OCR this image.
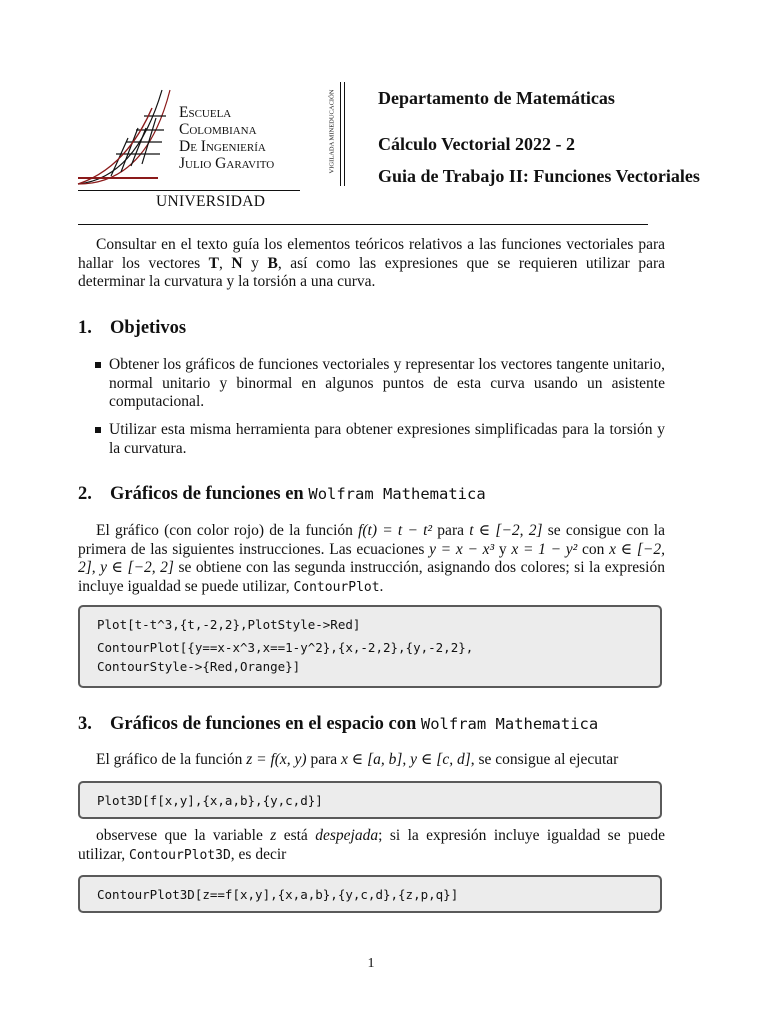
Escuela
Colombiana
De Ingeniería
Julio Garavito
UNIVERSIDAD
VIGILADA MINEDUCACIÓN Departamento de Matemáticas
Cálculo Vectorial 2022 - 2
Guia de Trabajo II: Funciones Vectoriales

Consultar en el texto guía los elementos teóricos relativos a las funciones vectoriales para hallar los vectores T, N y B, así como las expresiones que se requieren utilizar para determinar la curvatura y la torsión a una curva.

1. Objetivos
Obtener los gráficos de funciones vectoriales y representar los vectores tangente unitario, normal unitario y binormal en algunos puntos de esta curva usando un asistente computacional.
Utilizar esta misma herramienta para obtener expresiones simplificadas para la torsión y la curvatura.
2. Gráficos de funciones en Wolfram Mathematica

El gráfico (con color rojo) de la función f(t) = t − t² para t ∈ [−2, 2] se consigue con la primera de las siguientes instrucciones. Las ecuaciones y = x − x³ y x = 1 − y² con x ∈ [−2, 2], y ∈ [−2, 2] se obtiene con las segunda instrucción, asignando dos colores; si la expresión incluye igualdad se puede utilizar, ContourPlot.

Plot[t-t^3,{t,-2,2},PlotStyle->Red]
ContourPlot[{y==x-x^3,x==1-y^2},{x,-2,2},{y,-2,2},
ContourStyle->{Red,Orange}]
3. Gráficos de funciones en el espacio con Wolfram Mathematica

El gráfico de la función z = f(x, y) para x ∈ [a, b], y ∈ [c, d], se consigue al ejecutar

Plot3D[f[x,y],{x,a,b},{y,c,d}]

observese que la variable z está despejada; si la expresión incluye igualdad se puede utilizar, ContourPlot3D, es decir

ContourPlot3D[z==f[x,y],{x,a,b},{y,c,d},{z,p,q}]
1
